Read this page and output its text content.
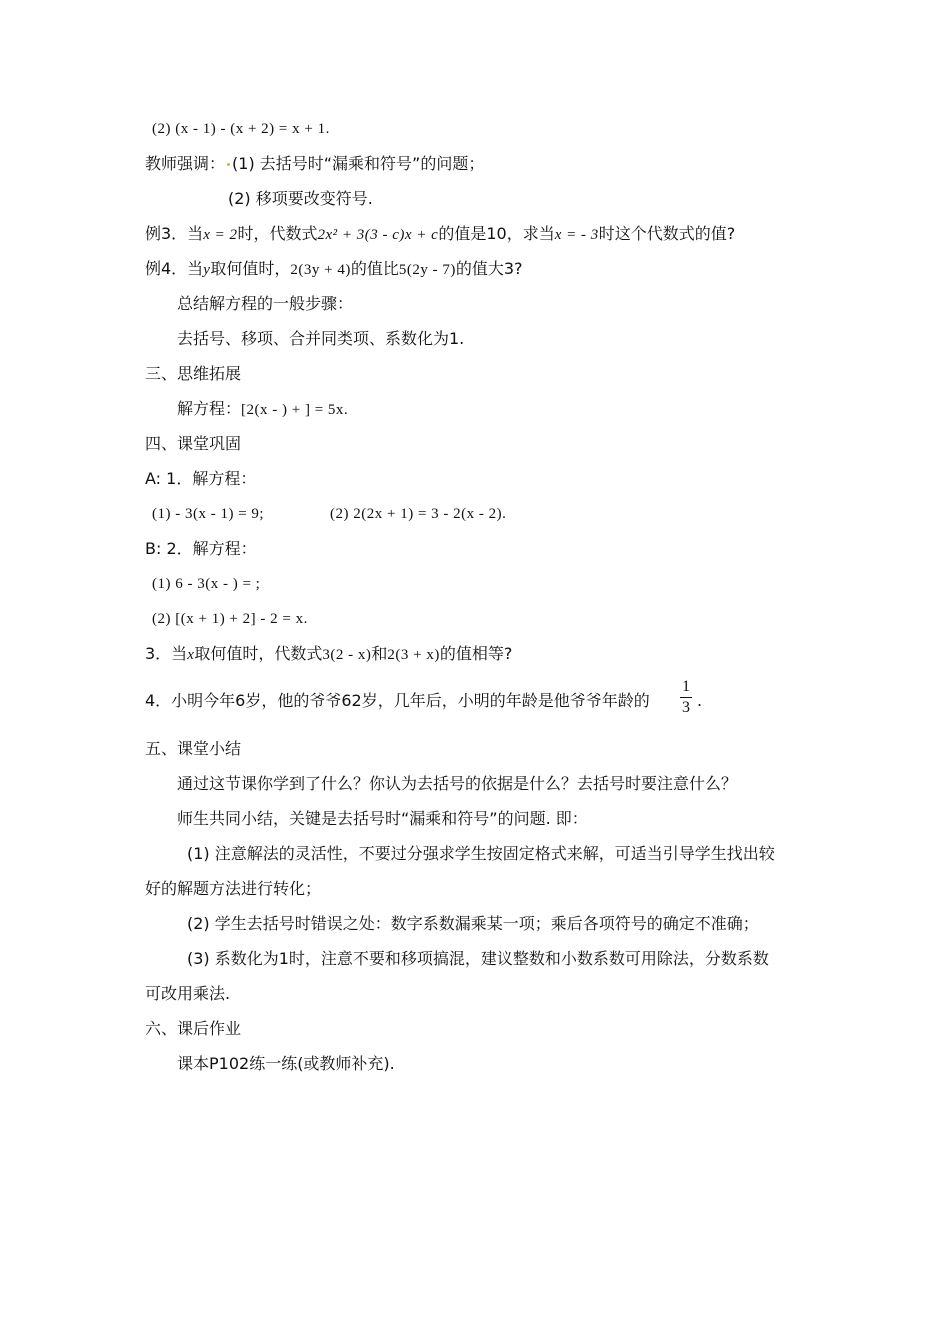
(2) (x - 1) - (x + 2) = x + 1.
教师强调： (1) 去括号时“漏乘和符号”的问题；
(2) 移项要改变符号.
例3．当x = 2时，代数式2x² + 3(3 - c)x + c的值是10，求当x = - 3时这个代数式的值?
例4．当y取何值时，2(3y + 4)的值比5(2y - 7)的值大3?
总结解方程的一般步骤：
去括号、移项、合并同类项、系数化为1.
三、思维拓展
解方程：[2(x - ) + ] = 5x.
四、课堂巩固
A: 1．解方程：
(1) - 3(x - 1) = 9;	(2) 2(2x + 1) = 3 - 2(x - 2).
B: 2．解方程：
(1) 6 - 3(x - ) = ;
(2) [(x + 1) + 2] - 2 = x.
3．当x取何值时，代数式3(2 - x)和2(3 + x)的值相等?
4．小明今年6岁，他的爷爷62岁，几年后，小明的年龄是他爷爷年龄的
1
3 .
五、课堂小结
通过这节课你学到了什么？你认为去括号的依据是什么？去括号时要注意什么？
师生共同小结，关键是去括号时“漏乘和符号”的问题. 即：
(1) 注意解法的灵活性，不要过分强求学生按固定格式来解，可适当引导学生找出较
好的解题方法进行转化；
(2) 学生去括号时错误之处：数字系数漏乘某一项；乘后各项符号的确定不准确；
(3) 系数化为1时，注意不要和移项搞混，建议整数和小数系数可用除法，分数系数
可改用乘法.
六、课后作业
课本P102练一练(或教师补充).
